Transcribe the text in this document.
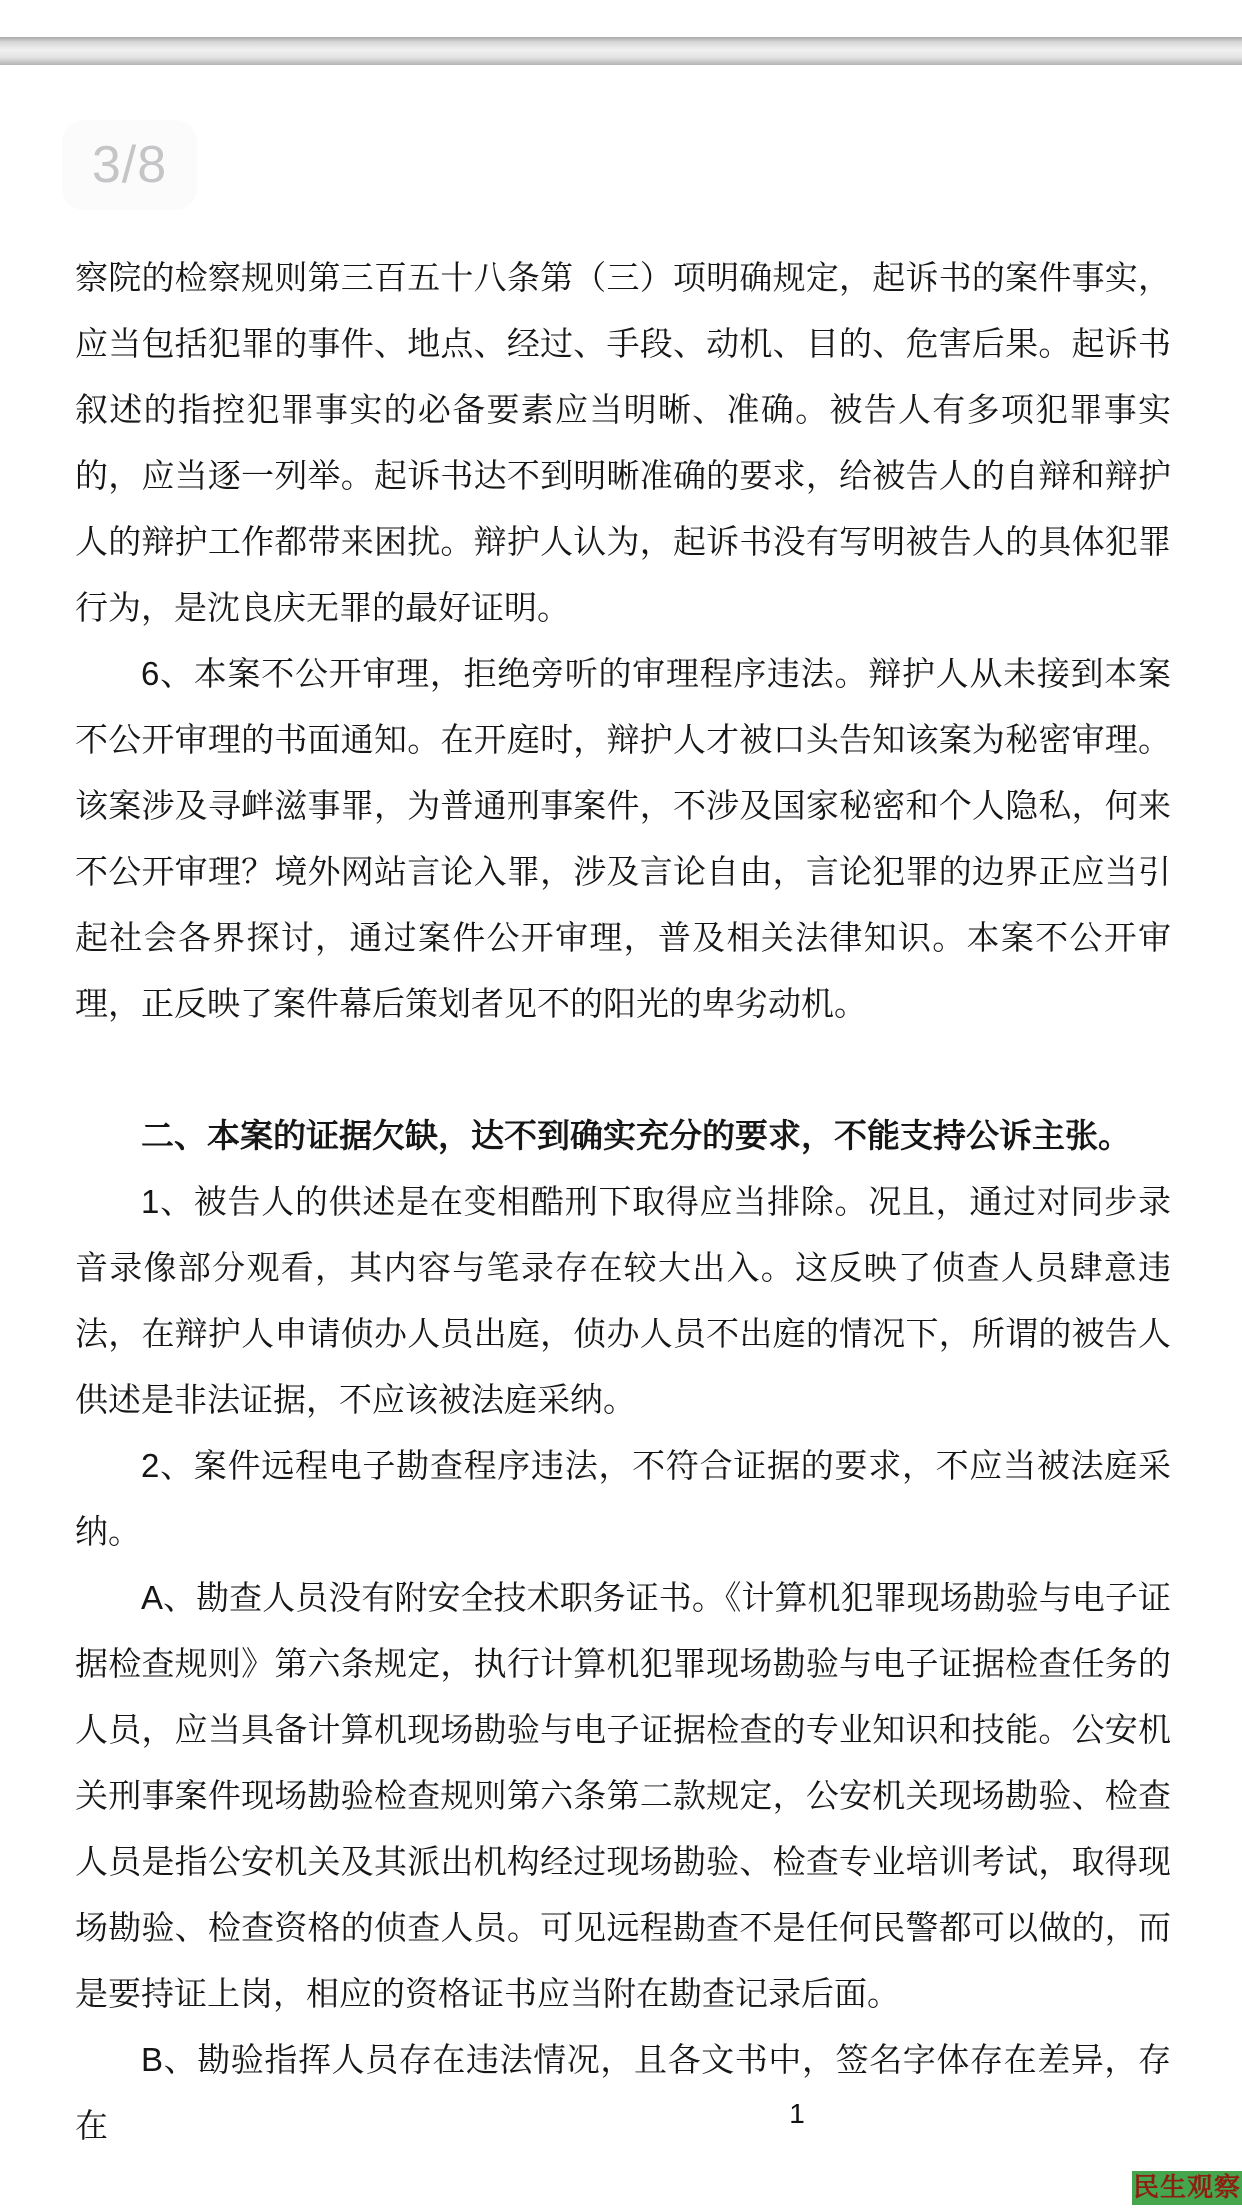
3/8

察院的检察规则第三百五十八条第（三）项明确规定，起诉书的案件事实，应当包括犯罪的事件、地点、经过、手段、动机、目的、危害后果。起诉书叙述的指控犯罪事实的必备要素应当明晰、准确。被告人有多项犯罪事实的，应当逐一列举。起诉书达不到明晰准确的要求，给被告人的自辩和辩护人的辩护工作都带来困扰。辩护人认为，起诉书没有写明被告人的具体犯罪行为，是沈良庆无罪的最好证明。

6、本案不公开审理，拒绝旁听的审理程序违法。辩护人从未接到本案不公开审理的书面通知。在开庭时，辩护人才被口头告知该案为秘密审理。该案涉及寻衅滋事罪，为普通刑事案件，不涉及国家秘密和个人隐私，何来不公开审理？境外网站言论入罪，涉及言论自由，言论犯罪的边界正应当引起社会各界探讨，通过案件公开审理，普及相关法律知识。本案不公开审理，正反映了案件幕后策划者见不的阳光的卑劣动机。

二、本案的证据欠缺，达不到确实充分的要求，不能支持公诉主张。

1、被告人的供述是在变相酷刑下取得应当排除。况且，通过对同步录音录像部分观看，其内容与笔录存在较大出入。这反映了侦查人员肆意违法，在辩护人申请侦办人员出庭，侦办人员不出庭的情况下，所谓的被告人供述是非法证据，不应该被法庭采纳。

2、案件远程电子勘查程序违法，不符合证据的要求，不应当被法庭采纳。

A、勘查人员没有附安全技术职务证书。《计算机犯罪现场勘验与电子证据检查规则》第六条规定，执行计算机犯罪现场勘验与电子证据检查任务的人员，应当具备计算机现场勘验与电子证据检查的专业知识和技能。公安机关刑事案件现场勘验检查规则第六条第二款规定，公安机关现场勘验、检查人员是指公安机关及其派出机构经过现场勘验、检查专业培训考试，取得现场勘验、检查资格的侦查人员。可见远程勘查不是任何民警都可以做的，而是要持证上岗，相应的资格证书应当附在勘查记录后面。

B、勘验指挥人员存在违法情况，且各文书中，签名字体存在差异，存在	1
民生观察
